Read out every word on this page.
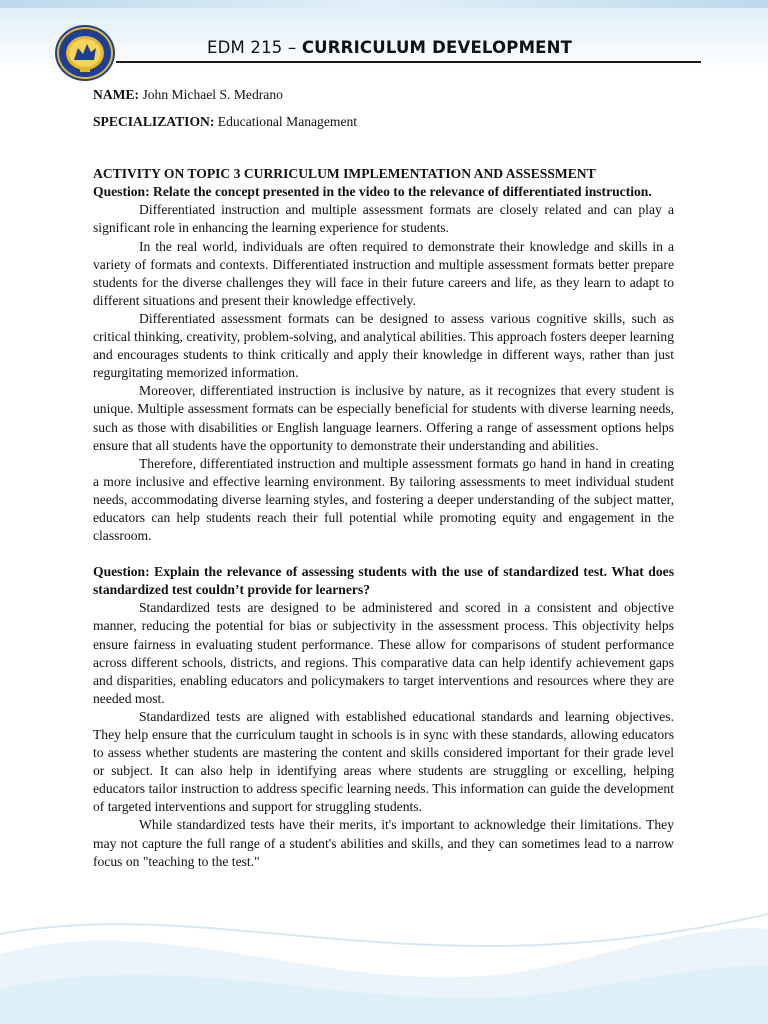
EDM 215 – CURRICULUM DEVELOPMENT

NAME: John Michael S. Medrano

SPECIALIZATION: Educational Management

ACTIVITY ON TOPIC 3 CURRICULUM IMPLEMENTATION AND ASSESSMENT

Question: Relate the concept presented in the video to the relevance of differentiated instruction.

Differentiated instruction and multiple assessment formats are closely related and can play a significant role in enhancing the learning experience for students.

In the real world, individuals are often required to demonstrate their knowledge and skills in a variety of formats and contexts. Differentiated instruction and multiple assessment formats better prepare students for the diverse challenges they will face in their future careers and life, as they learn to adapt to different situations and present their knowledge effectively.

Differentiated assessment formats can be designed to assess various cognitive skills, such as critical thinking, creativity, problem-solving, and analytical abilities. This approach fosters deeper learning and encourages students to think critically and apply their knowledge in different ways, rather than just regurgitating memorized information.

Moreover, differentiated instruction is inclusive by nature, as it recognizes that every student is unique. Multiple assessment formats can be especially beneficial for students with diverse learning needs, such as those with disabilities or English language learners. Offering a range of assessment options helps ensure that all students have the opportunity to demonstrate their understanding and abilities.

Therefore, differentiated instruction and multiple assessment formats go hand in hand in creating a more inclusive and effective learning environment. By tailoring assessments to meet individual student needs, accommodating diverse learning styles, and fostering a deeper understanding of the subject matter, educators can help students reach their full potential while promoting equity and engagement in the classroom.

Question: Explain the relevance of assessing students with the use of standardized test. What does standardized test couldn’t provide for learners?

Standardized tests are designed to be administered and scored in a consistent and objective manner, reducing the potential for bias or subjectivity in the assessment process. This objectivity helps ensure fairness in evaluating student performance. These allow for comparisons of student performance across different schools, districts, and regions. This comparative data can help identify achievement gaps and disparities, enabling educators and policymakers to target interventions and resources where they are needed most.

Standardized tests are aligned with established educational standards and learning objectives. They help ensure that the curriculum taught in schools is in sync with these standards, allowing educators to assess whether students are mastering the content and skills considered important for their grade level or subject. It can also help in identifying areas where students are struggling or excelling, helping educators tailor instruction to address specific learning needs. This information can guide the development of targeted interventions and support for struggling students.

While standardized tests have their merits, it's important to acknowledge their limitations. They may not capture the full range of a student's abilities and skills, and they can sometimes lead to a narrow focus on "teaching to the test."
